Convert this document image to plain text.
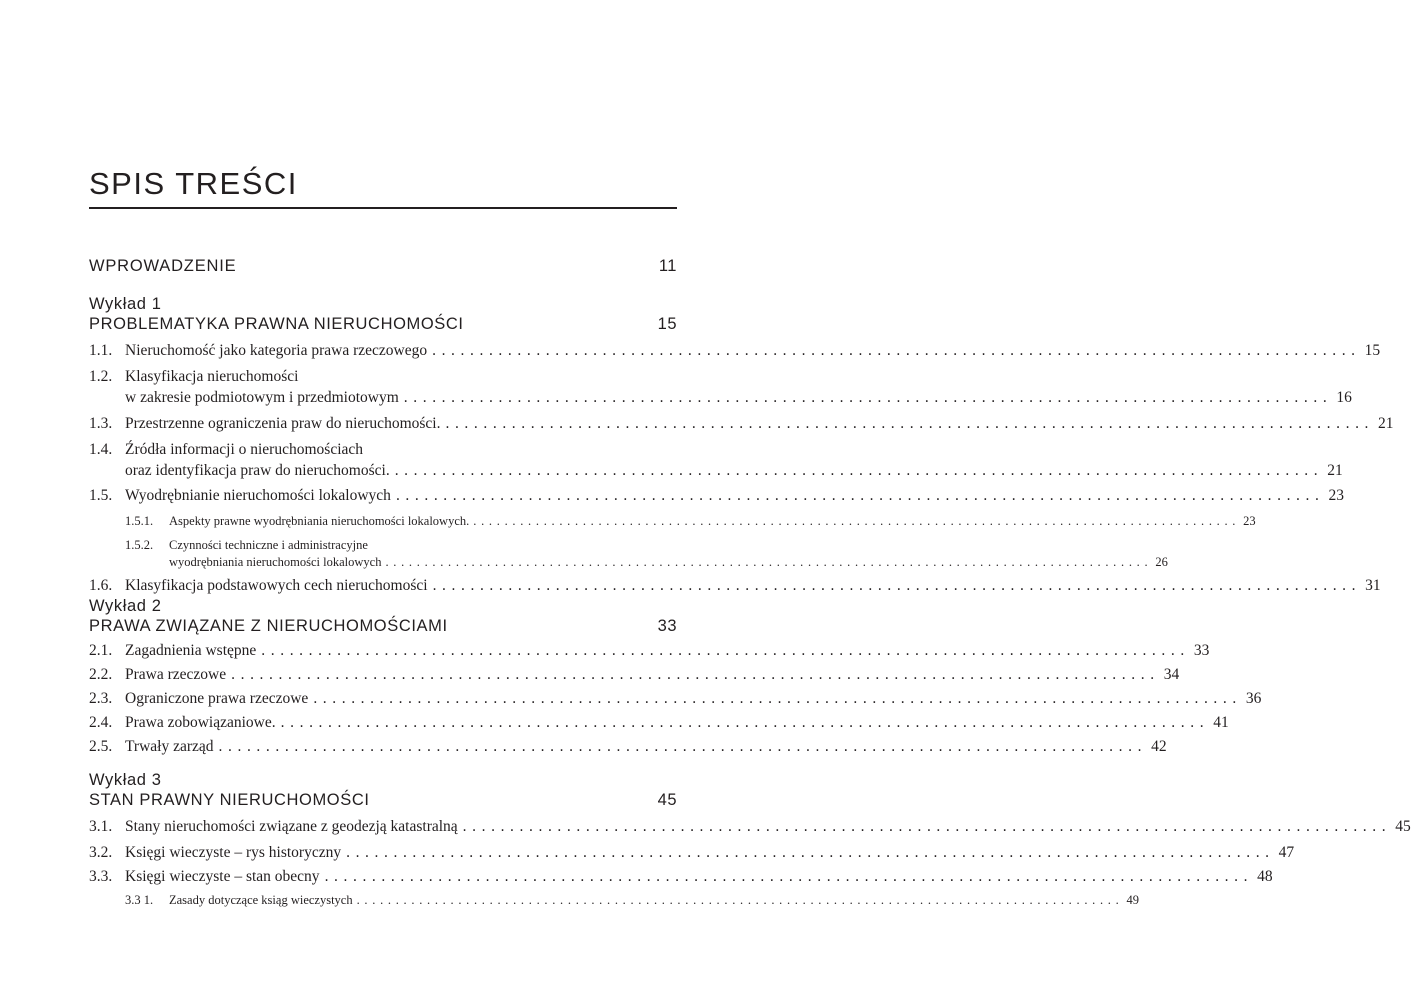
SPIS TREŚCI
WPROWADZENIE	11
Wykład 1
PROBLEMATYKA PRAWNA NIERUCHOMOŚCI	15
1.1. Nieruchomość jako kategoria prawa rzeczowego .................................................................................................. 15
1.2. Klasyfikacja nieruchomości
w zakresie podmiotowym i przedmiotowym .................................................................................................. 16
1.3. Przestrzenne ograniczenia praw do nieruchomości. .................................................................................................. 21
1.4. Źródła informacji o nieruchomościach
oraz identyfikacja praw do nieruchomości. .................................................................................................. 21
1.5. Wyodrębnianie nieruchomości lokalowych .................................................................................................. 23
1.5.1. Aspekty prawne wyodrębniania nieruchomości lokalowych. .................................................................................................. 23
1.5.2. Czynności techniczne i administracyjne
wyodrębniania nieruchomości lokalowych .................................................................................................. 26
1.6. Klasyfikacja podstawowych cech nieruchomości .................................................................................................. 31
Wykład 2
PRAWA ZWIĄZANE Z NIERUCHOMOŚCIAMI	33
2.1. Zagadnienia wstępne .................................................................................................. 33
2.2. Prawa rzeczowe .................................................................................................. 34
2.3. Ograniczone prawa rzeczowe .................................................................................................. 36
2.4. Prawa zobowiązaniowe. .................................................................................................. 41
2.5. Trwały zarząd .................................................................................................. 42
Wykład 3
STAN PRAWNY NIERUCHOMOŚCI	45
3.1. Stany nieruchomości związane z geodezją katastralną .................................................................................................. 45
3.2. Księgi wieczyste – rys historyczny .................................................................................................. 47
3.3. Księgi wieczyste – stan obecny .................................................................................................. 48
3.3 1. Zasady dotyczące ksiąg wieczystych .................................................................................................. 49
